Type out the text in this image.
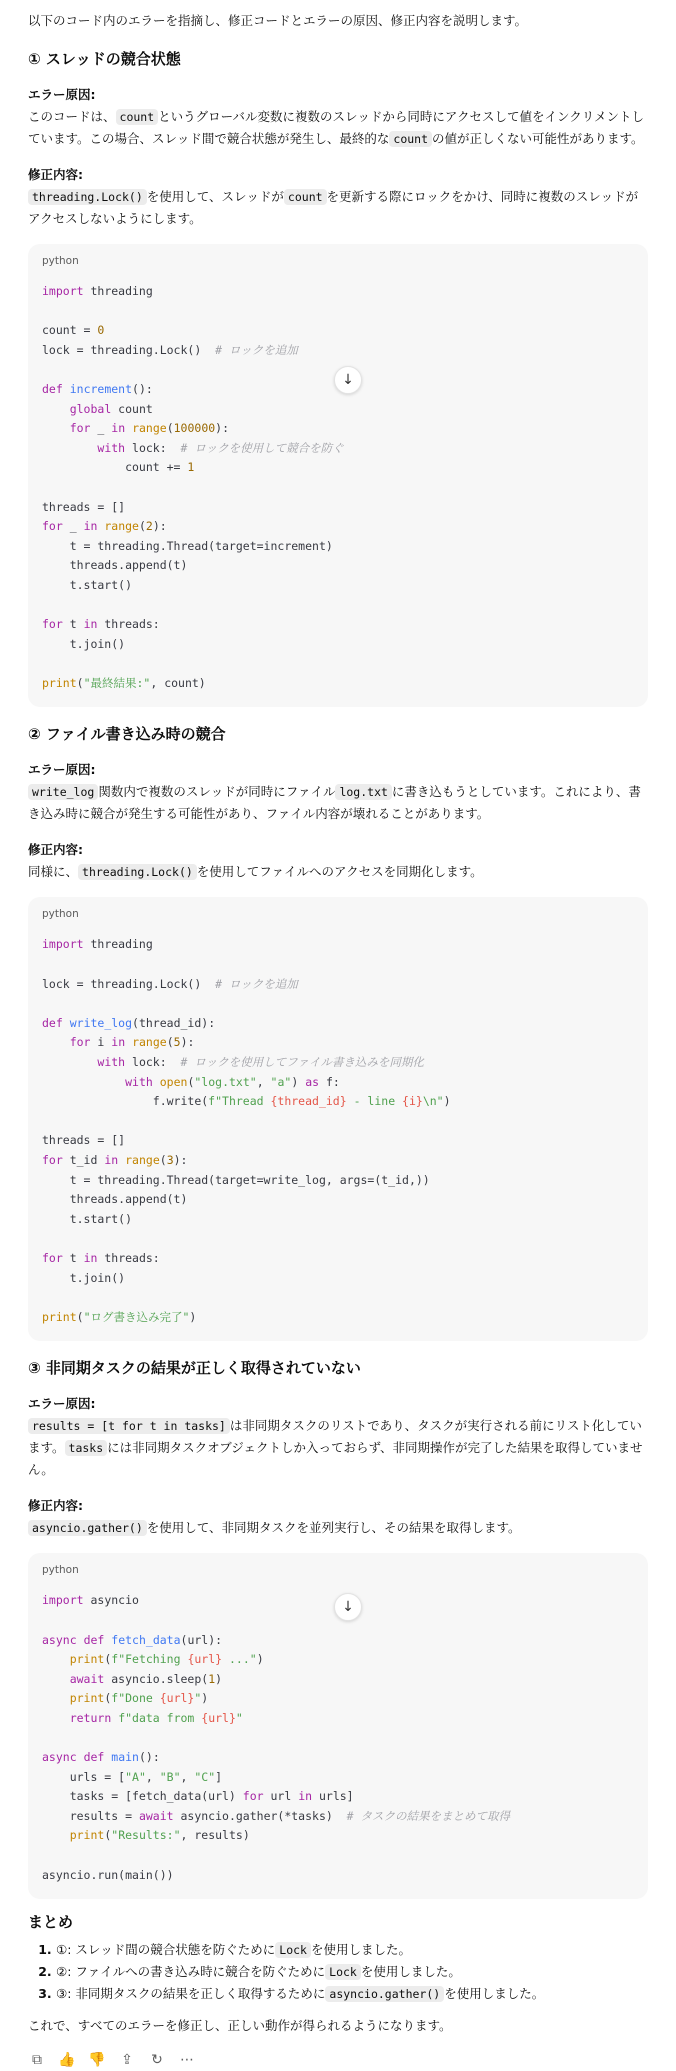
以下のコード内のエラーを指摘し、修正コードとエラーの原因、修正内容を説明します。

① スレッドの競合状態

エラー原因:

このコードは、 count というグローバル変数に複数のスレッドから同時にアクセスして値をインクリメントしています。この場合、スレッド間で競合状態が発生し、最終的な count の値が正しくない可能性があります。

修正内容:

threading.Lock() を使用して、スレッドが count を更新する際にロックをかけ、同時に複数のスレッドがアクセスしないようにします。

python
↓
import threading

count = 0
lock = threading.Lock()  # ロックを追加

def increment():
global count
for _ in range(100000):
with lock:  # ロックを使用して競合を防ぐ
count += 1

threads = []
for _ in range(2):
t = threading.Thread(target=increment)
threads.append(t)
t.start()

for t in threads:
t.join()

print("最終結果:", count)
② ファイル書き込み時の競合

エラー原因:

write_log 関数内で複数のスレッドが同時にファイル log.txt に書き込もうとしています。これにより、書き込み時に競合が発生する可能性があり、ファイル内容が壊れることがあります。

修正内容:

同様に、 threading.Lock() を使用してファイルへのアクセスを同期化します。

python
import threading

lock = threading.Lock()  # ロックを追加

def write_log(thread_id):
for i in range(5):
with lock:  # ロックを使用してファイル書き込みを同期化
with open("log.txt", "a") as f:
f.write(f"Thread {thread_id} - line {i}\n")

threads = []
for t_id in range(3):
t = threading.Thread(target=write_log, args=(t_id,))
threads.append(t)
t.start()

for t in threads:
t.join()

print("ログ書き込み完了")
③ 非同期タスクの結果が正しく取得されていない

エラー原因:

results = [t for t in tasks] は非同期タスクのリストであり、タスクが実行される前にリスト化しています。 tasks には非同期タスクオブジェクトしか入っておらず、非同期操作が完了した結果を取得していません。

修正内容:

asyncio.gather() を使用して、非同期タスクを並列実行し、その結果を取得します。

python
↓
import asyncio

async def fetch_data(url):
print(f"Fetching {url} ...")
await asyncio.sleep(1)
print(f"Done {url}")
return f"data from {url}"

async def main():
urls = ["A", "B", "C"]
tasks = [fetch_data(url) for url in urls]
results = await asyncio.gather(*tasks)  # タスクの結果をまとめて取得
print("Results:", results)

asyncio.run(main())

まとめ

1. ①: スレッド間の競合状態を防ぐために Lock を使用しました。
2. ②: ファイルへの書き込み時に競合を防ぐために Lock を使用しました。
3. ③: 非同期タスクの結果を正しく取得するために asyncio.gather() を使用しました。

これで、すべてのエラーを修正し、正しい動作が得られるようになります。

⧉ 👍 👎 ⇪ ↻ ⋯
